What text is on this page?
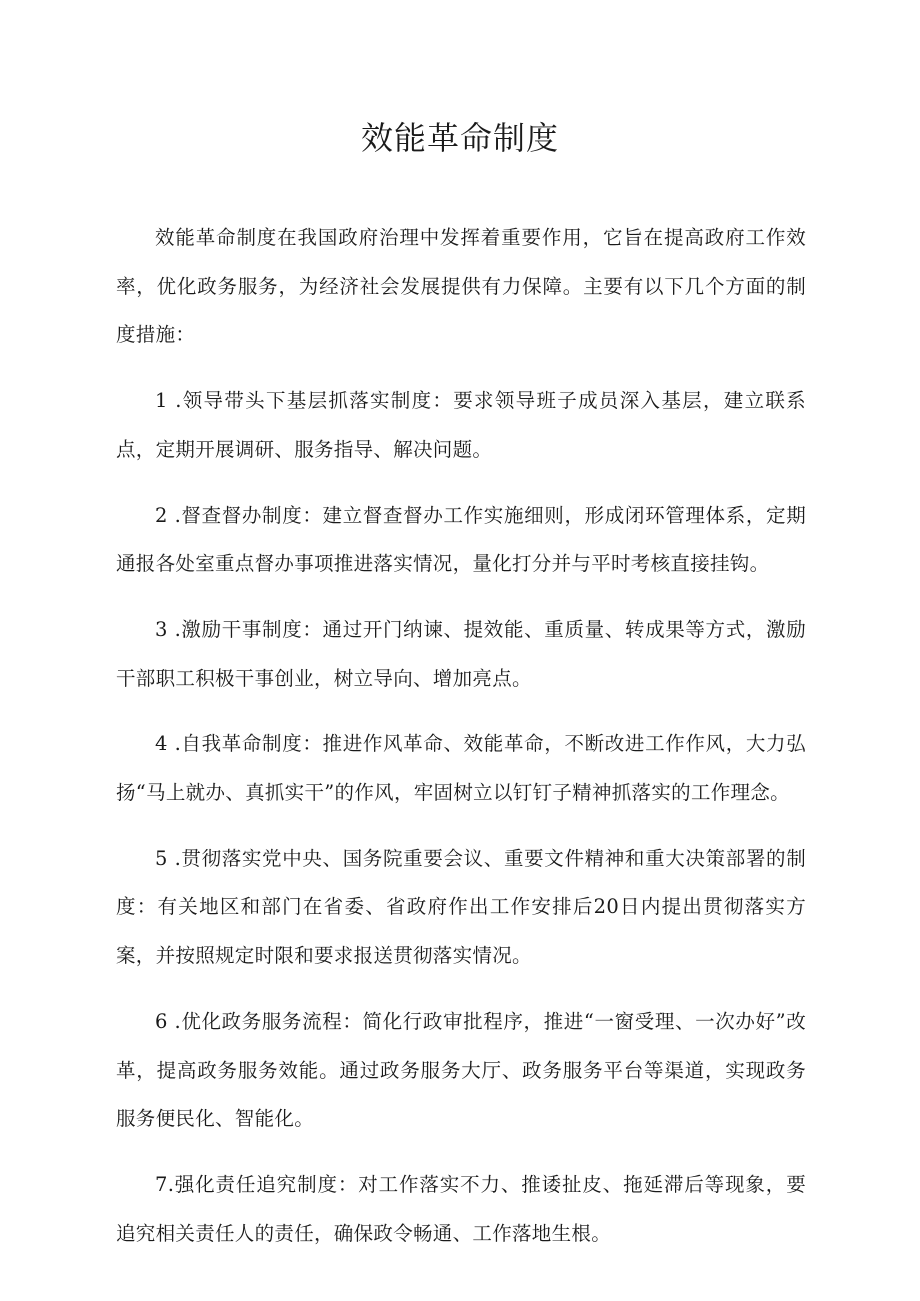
效能革命制度

效能革命制度在我国政府治理中发挥着重要作用，它旨在提高政府工作效率，优化政务服务，为经济社会发展提供有力保障。主要有以下几个方面的制度措施：

1 .领导带头下基层抓落实制度：要求领导班子成员深入基层，建立联系点，定期开展调研、服务指导、解决问题。

2 .督查督办制度：建立督查督办工作实施细则，形成闭环管理体系，定期通报各处室重点督办事项推进落实情况，量化打分并与平时考核直接挂钩。

3 .激励干事制度：通过开门纳谏、提效能、重质量、转成果等方式，激励干部职工积极干事创业，树立导向、增加亮点。

4 .自我革命制度：推进作风革命、效能革命，不断改进工作作风，大力弘扬“马上就办、真抓实干”的作风，牢固树立以钉钉子精神抓落实的工作理念。

5 .贯彻落实党中央、国务院重要会议、重要文件精神和重大决策部署的制度：有关地区和部门在省委、省政府作出工作安排后20日内提出贯彻落实方案，并按照规定时限和要求报送贯彻落实情况。

6 .优化政务服务流程：简化行政审批程序，推进“一窗受理、一次办好”改革，提高政务服务效能。通过政务服务大厅、政务服务平台等渠道，实现政务服务便民化、智能化。

7.强化责任追究制度：对工作落实不力、推诿扯皮、拖延滞后等现象，要追究相关责任人的责任，确保政令畅通、工作落地生根。
